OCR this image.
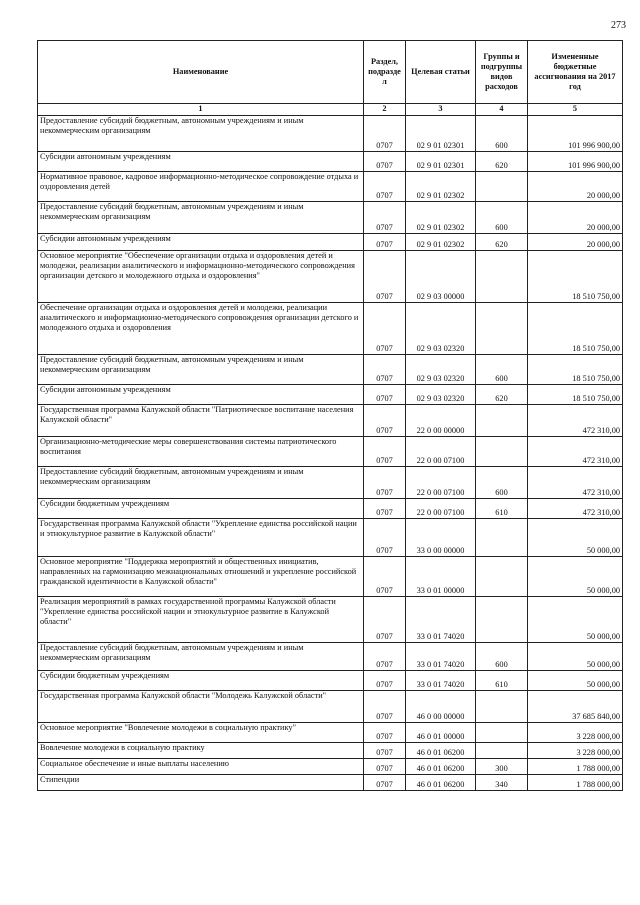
273
Наименование	Раздел, подразде л	Целевая статьи	Группы и подгруппы видов расходов	Измененные бюджетные ассигнования на 2017 год
1	2	3	4	5
Предоставление субсидий бюджетным, автономным учреждениям и иным некоммерческим организациям	0707	02 9 01 02301	600	101 996 900,00
Субсидии автономным учреждениям	0707	02 9 01 02301	620	101 996 900,00
Нормативное правовое, кадровое информационно-методическое сопровождение отдыха и оздоровления детей	0707	02 9 01 02302		20 000,00
Предоставление субсидий бюджетным, автономным учреждениям и иным некоммерческим организациям	0707	02 9 01 02302	600	20 000,00
Субсидии автономным учреждениям	0707	02 9 01 02302	620	20 000,00
Основное мероприятие "Обеспечение организации отдыха и оздоровления детей и молодежи, реализации аналитического и информационно-методического сопровождения организации детского и молодежного отдыха и оздоровления"	0707	02 9 03 00000		18 510 750,00
Обеспечение организации отдыха и оздоровления детей и молодежи, реализации аналитического и информационно-методического сопровождения организации детского и молодежного отдыха и оздоровления	0707	02 9 03 02320		18 510 750,00
Предоставление субсидий бюджетным, автономным учреждениям и иным некоммерческим организациям	0707	02 9 03 02320	600	18 510 750,00
Субсидии автономным учреждениям	0707	02 9 03 02320	620	18 510 750,00
Государственная программа Калужской области "Патриотическое воспитание населения Калужской области"	0707	22 0 00 00000		472 310,00
Организационно-методические меры совершенствования системы патриотического воспитания	0707	22 0 00 07100		472 310,00
Предоставление субсидий бюджетным, автономным учреждениям и иным некоммерческим организациям	0707	22 0 00 07100	600	472 310,00
Субсидии бюджетным учреждениям	0707	22 0 00 07100	610	472 310,00
Государственная программа Калужской области "Укрепление единства российской нации и этнокультурное развитие в Калужской области"	0707	33 0 00 00000		50 000,00
Основное мероприятие "Поддержка мероприятий и общественных инициатив, направленных на гармонизацию межнациональных отношений и укрепление российской гражданской идентичности в Калужской области"	0707	33 0 01 00000		50 000,00
Реализация мероприятий в рамках государственной программы Калужской области "Укрепление единства российской нации и этнокультурное развитие в Калужской области"	0707	33 0 01 74020		50 000,00
Предоставление субсидий бюджетным, автономным учреждениям и иным некоммерческим организациям	0707	33 0 01 74020	600	50 000,00
Субсидии бюджетным учреждениям	0707	33 0 01 74020	610	50 000,00
Государственная программа Калужской области "Молодежь Калужской области"	0707	46 0 00 00000		37 685 840,00
Основное мероприятие "Вовлечение молодежи в социальную практику"	0707	46 0 01 00000		3 228 000,00
Вовлечение молодежи в социальную практику	0707	46 0 01 06200		3 228 000,00
Социальное обеспечение и иные выплаты населению	0707	46 0 01 06200	300	1 788 000,00
Стипендии	0707	46 0 01 06200	340	1 788 000,00
